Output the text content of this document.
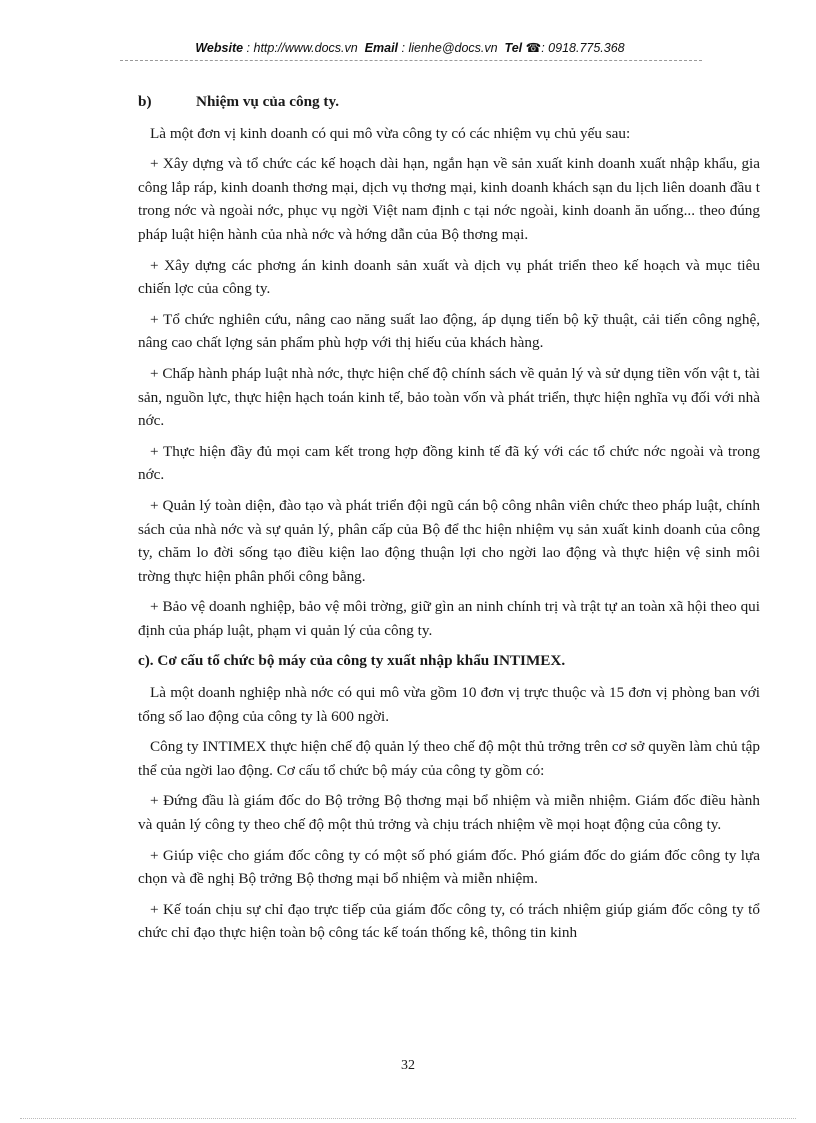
Website : http://www.docs.vn Email : lienhe@docs.vn Tel ☎: 0918.775.368

b)	Nhiệm vụ của công ty.

Là một đơn vị kinh doanh có qui mô vừa công ty có các nhiệm vụ chủ yếu sau:

+ Xây dựng và tổ chức các kế hoạch dài hạn, ngắn hạn về sản xuất kinh doanh xuất nhập khẩu, gia công lắp ráp, kinh doanh thơng mại, dịch vụ thơng mại, kinh doanh khách sạn du lịch liên doanh đầu t trong nớc và ngoài nớc, phục vụ ngời Việt nam định c tại nớc ngoài, kinh doanh ăn uống... theo đúng pháp luật hiện hành của nhà nớc và hớng dẫn của Bộ thơng mại.

+ Xây dựng các phơng án kinh doanh sản xuất và dịch vụ phát triển theo kế hoạch và mục tiêu chiến lợc của công ty.

+ Tổ chức nghiên cứu, nâng cao năng suất lao động, áp dụng tiến bộ kỹ thuật, cải tiến công nghệ, nâng cao chất lợng sản phẩm phù hợp với thị hiếu của khách hàng.

+ Chấp hành pháp luật nhà nớc, thực hiện chế độ chính sách về quản lý và sử dụng tiền vốn vật t, tài sản, nguồn lực, thực hiện hạch toán kinh tế, bảo toàn vốn và phát triển, thực hiện nghĩa vụ đối với nhà nớc.

+ Thực hiện đầy đủ mọi cam kết trong hợp đồng kinh tế đã ký với các tổ chức nớc ngoài và trong nớc.

+ Quản lý toàn diện, đào tạo và phát triển đội ngũ cán bộ công nhân viên chức theo pháp luật, chính sách của nhà nớc và sự quản lý, phân cấp của Bộ để thc hiện nhiệm vụ sản xuất kinh doanh của công ty, chăm lo đời sống tạo điều kiện lao động thuận lợi cho ngời lao động và thực hiện vệ sinh môi trờng thực hiện phân phối công bằng.

+ Bảo vệ doanh nghiệp, bảo vệ môi trờng, giữ gìn an ninh chính trị và trật tự an toàn xã hội theo qui định của pháp luật, phạm vi quản lý của công ty.

c). Cơ cấu tổ chức bộ máy của công ty xuất nhập khẩu INTIMEX.

Là một doanh nghiệp nhà nớc có qui mô vừa gồm 10 đơn vị trực thuộc và 15 đơn vị phòng ban với tổng số lao động của công ty là 600 ngời.

Công ty INTIMEX thực hiện chế độ quản lý theo chế độ một thủ trởng trên cơ sở quyền làm chủ tập thể của ngời lao động. Cơ cấu tổ chức bộ máy của công ty gồm có:

+ Đứng đầu là giám đốc do Bộ trởng Bộ thơng mại bổ nhiệm và miễn nhiệm. Giám đốc điều hành và quản lý công ty theo chế độ một thủ trởng và chịu trách nhiệm về mọi hoạt động của công ty.

+ Giúp việc cho giám đốc công ty có một số phó giám đốc. Phó giám đốc do giám đốc công ty lựa chọn và đề nghị Bộ trởng Bộ thơng mại bổ nhiệm và miễn nhiệm.

+ Kế toán chịu sự chỉ đạo trực tiếp của giám đốc công ty, có trách nhiệm giúp giám đốc công ty tổ chức chỉ đạo thực hiện toàn bộ công tác kế toán thống kê, thông tin kinh

32
